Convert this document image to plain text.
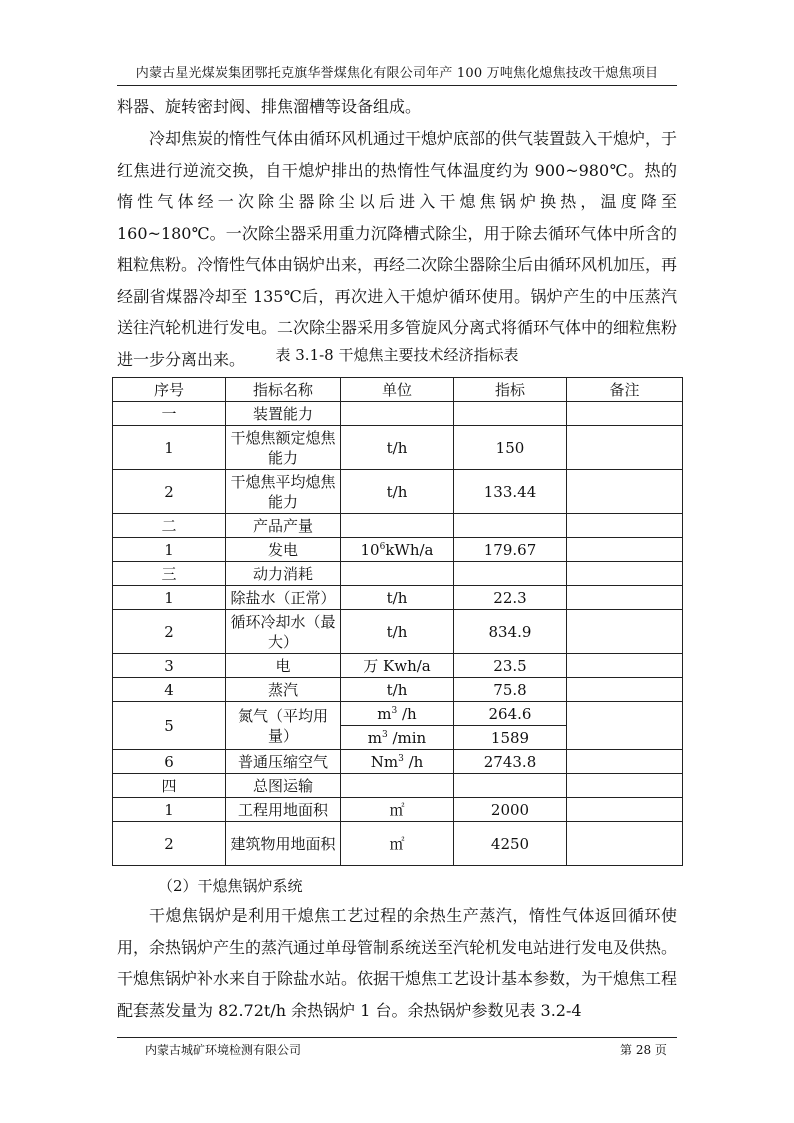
内蒙古星光煤炭集团鄂托克旗华誉煤焦化有限公司年产 100 万吨焦化熄焦技改干熄焦项目

料器、旋转密封阀、排焦溜槽等设备组成。

冷却焦炭的惰性气体由循环风机通过干熄炉底部的供气装置鼓入干熄炉，于红焦进行逆流交换，自干熄炉排出的热惰性气体温度约为 900~980℃。热的惰性气体经一次除尘器除尘以后进入干熄焦锅炉换热，温度降至 160~180℃。一次除尘器采用重力沉降槽式除尘，用于除去循环气体中所含的粗粒焦粉。冷惰性气体由锅炉出来，再经二次除尘器除尘后由循环风机加压，再经副省煤器冷却至 135℃后，再次进入干熄炉循环使用。锅炉产生的中压蒸汽送往汽轮机进行发电。二次除尘器采用多管旋风分离式将循环气体中的细粒焦粉进一步分离出来。	表 3.1-8 干熄焦主要技术经济指标表
序号	指标名称	单位	指标	备注
一	装置能力			
1	干熄焦额定熄焦能力	t/h	150	
2	干熄焦平均熄焦能力	t/h	133.44	
二	产品产量			
1	发电	$10^6kWh/a$	179.67	
三	动力消耗			
1	除盐水（正常）	t/h	22.3	
2	循环冷却水（最大）	t/h	834.9	
3	电	万 Kwh/a	23.5	
4	蒸汽	t/h	75.8	
5	氮气（平均用量）	$m^3$ /h	264.6	
		$m^3$ /min	1589	
6	普通压缩空气	Nm$^3$ /h	2743.8	
四	总图运输			
1	工程用地面积	㎡	2000	
2	建筑物用地面积	㎡	4250	
（2）干熄焦锅炉系统

干熄焦锅炉是利用干熄焦工艺过程的余热生产蒸汽，惰性气体返回循环使用，余热锅炉产生的蒸汽通过单母管制系统送至汽轮机发电站进行发电及供热。干熄焦锅炉补水来自于除盐水站。依据干熄焦工艺设计基本参数，为干熄焦工程配套蒸发量为 82.72t/h 余热锅炉 1 台。余热锅炉参数见表 3.2-4

内蒙古城矿环境检测有限公司	第 28 页
